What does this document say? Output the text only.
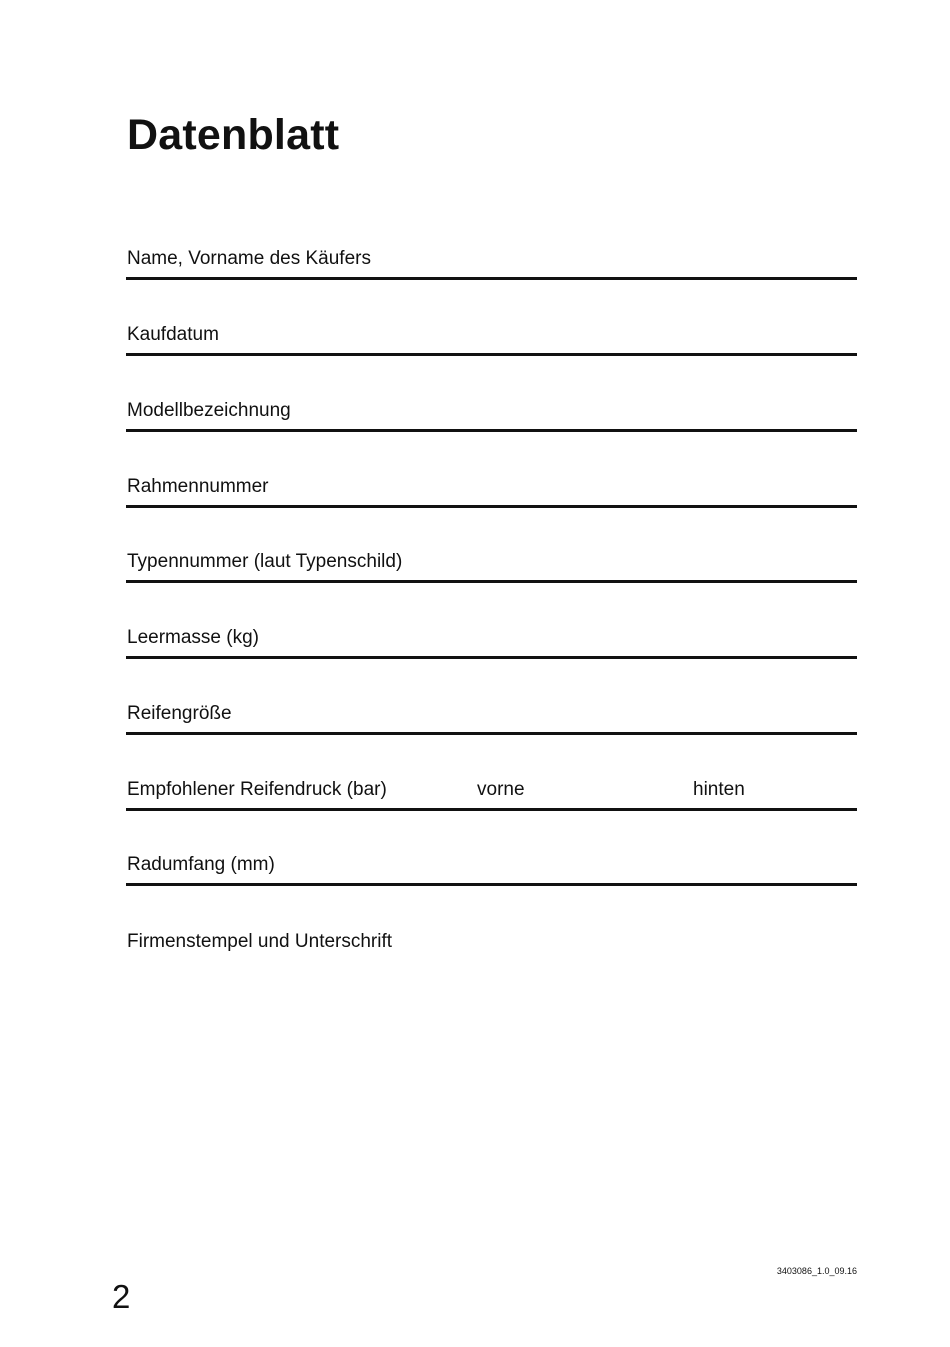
Datenblatt
Name, Vorname des Käufers
Kaufdatum
Modellbezeichnung
Rahmennummer
Typennummer (laut Typenschild)
Leermasse (kg)
Reifengröße
Empfohlener Reifendruck (bar)	vorne	hinten
Radumfang (mm)
Firmenstempel und Unterschrift
2
3403086_1.0_09.16
